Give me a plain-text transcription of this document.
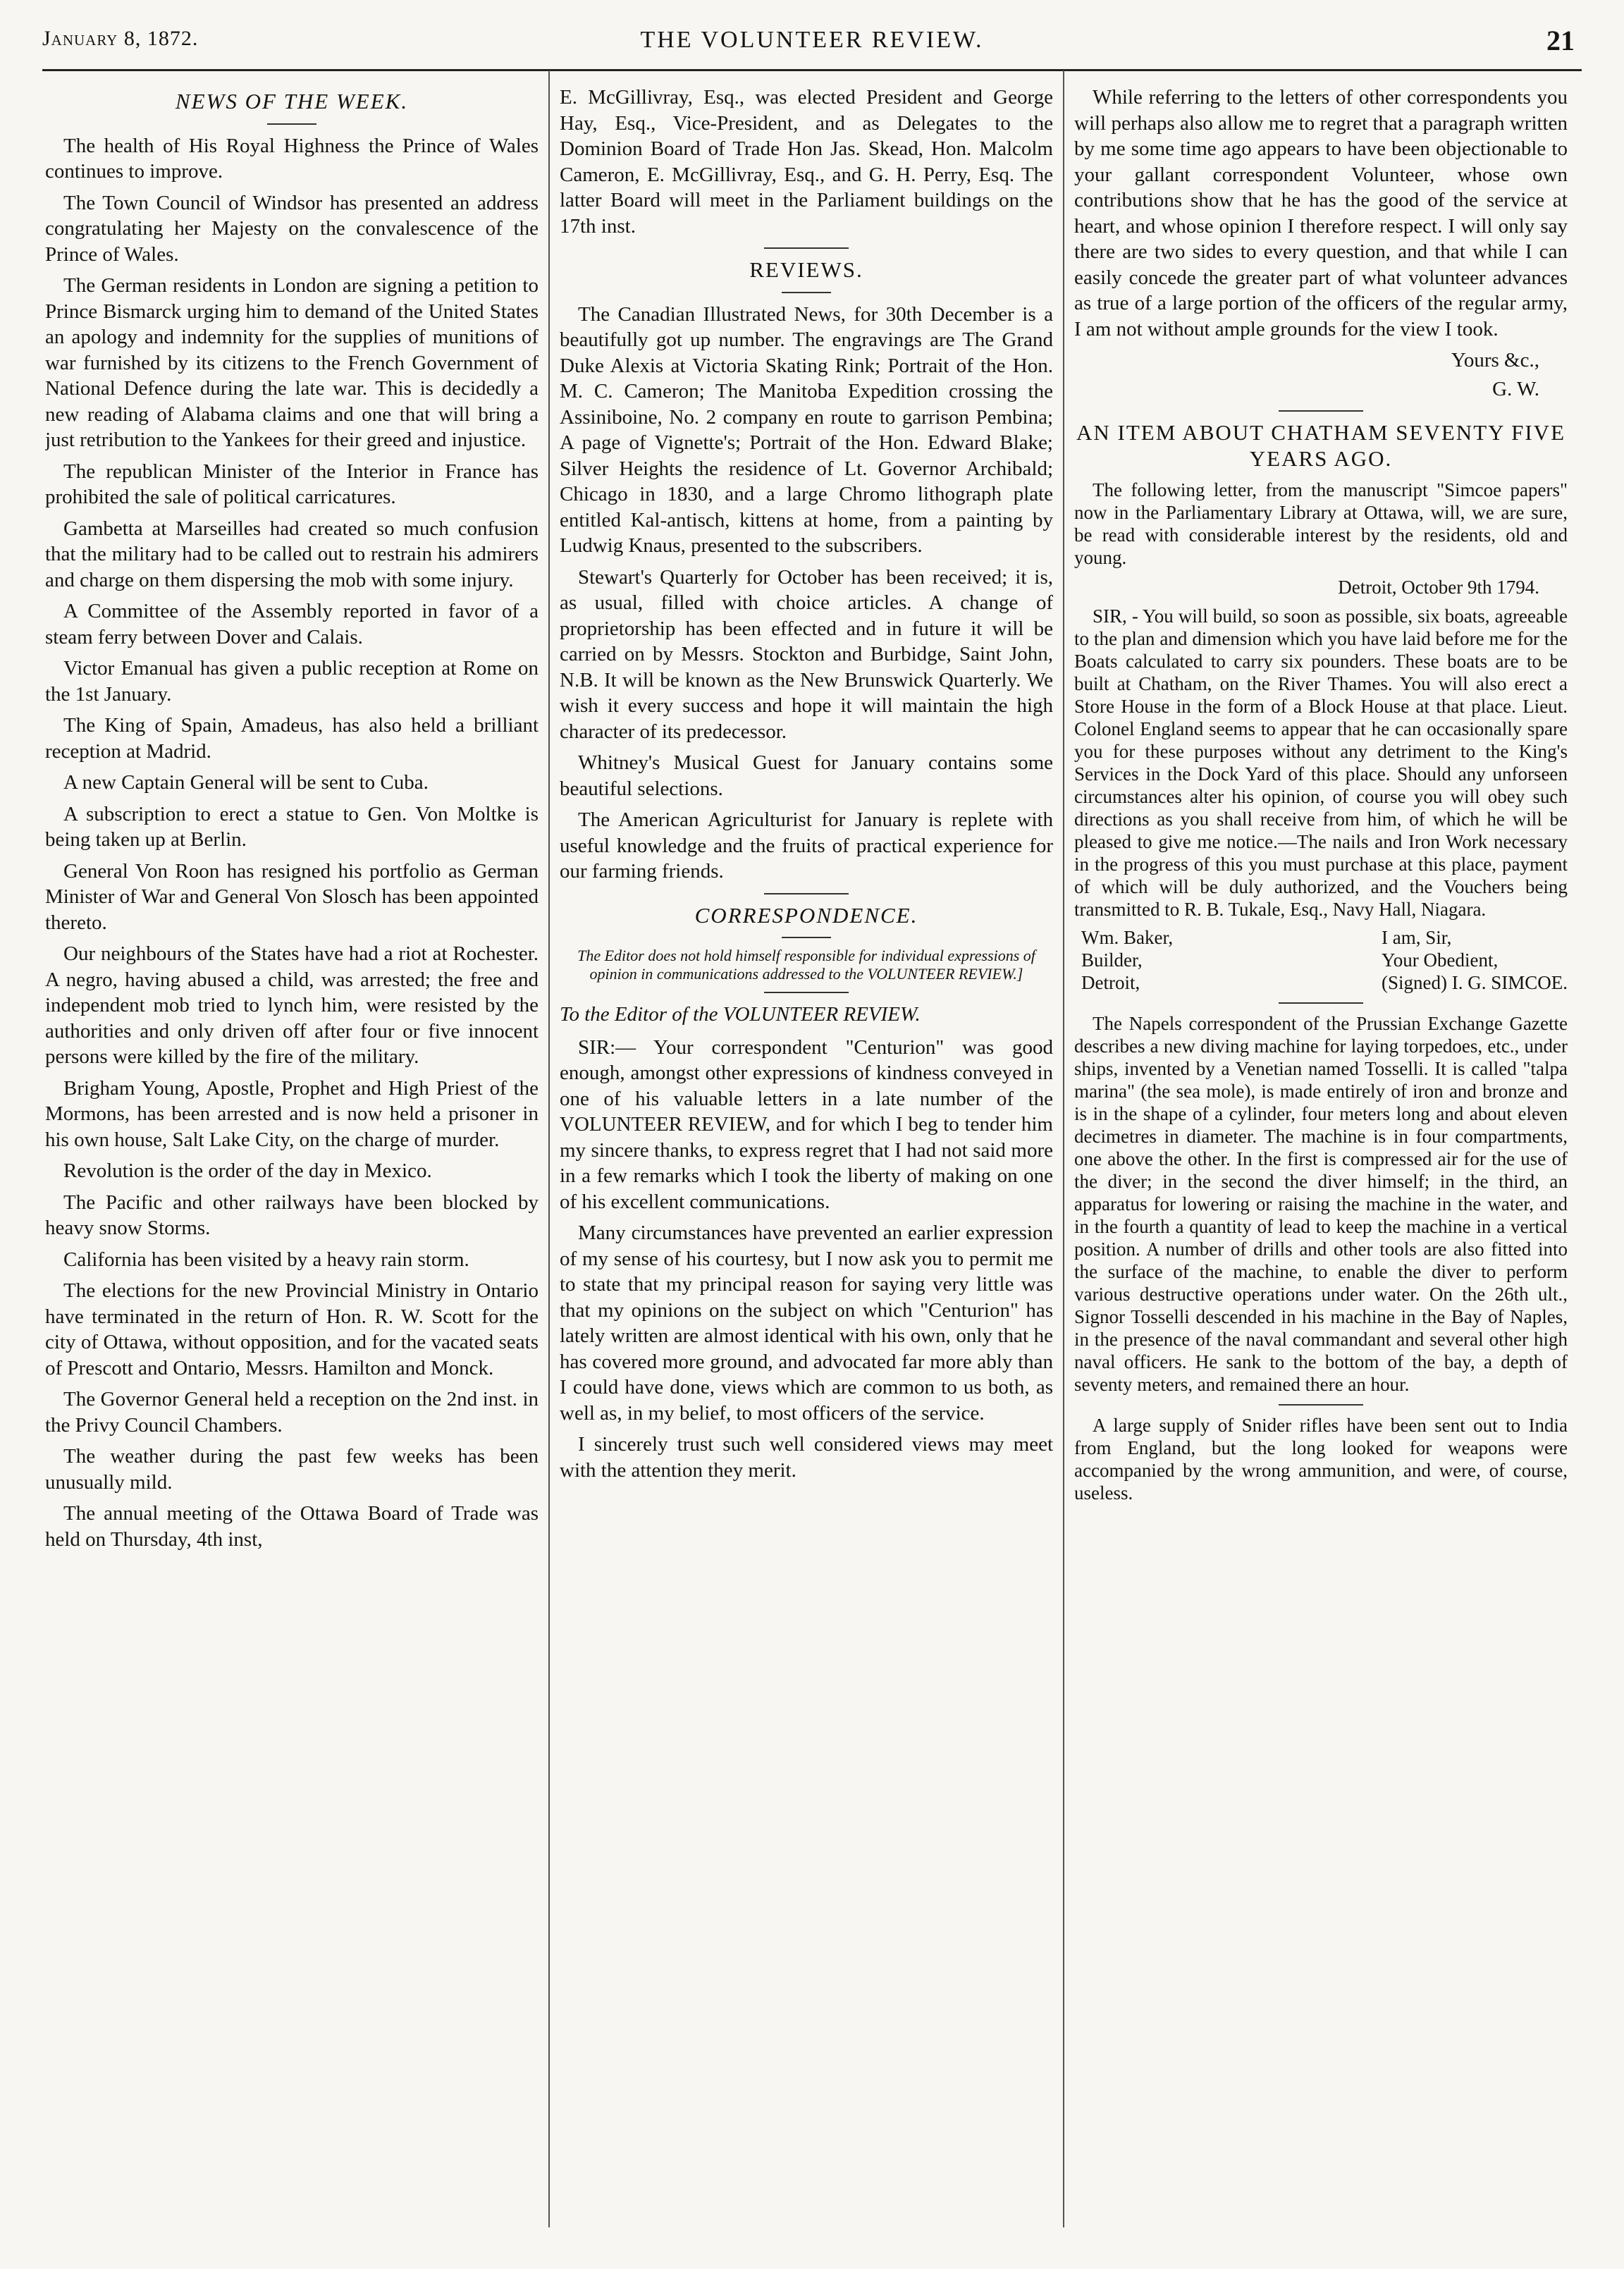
January 8, 1872.	THE VOLUNTEER REVIEW.	21
NEWS OF THE WEEK.

The health of His Royal Highness the Prince of Wales continues to improve.

The Town Council of Windsor has presented an address congratulating her Majesty on the convalescence of the Prince of Wales.

The German residents in London are signing a petition to Prince Bismarck urging him to demand of the United States an apology and indemnity for the supplies of munitions of war furnished by its citizens to the French Government of National Defence during the late war. This is decidedly a new reading of Alabama claims and one that will bring a just retribution to the Yankees for their greed and injustice.

The republican Minister of the Interior in France has prohibited the sale of political carricatures.

Gambetta at Marseilles had created so much confusion that the military had to be called out to restrain his admirers and charge on them dispersing the mob with some injury.

A Committee of the Assembly reported in favor of a steam ferry between Dover and Calais.

Victor Emanual has given a public reception at Rome on the 1st January.

The King of Spain, Amadeus, has also held a brilliant reception at Madrid.

A new Captain General will be sent to Cuba.

A subscription to erect a statue to Gen. Von Moltke is being taken up at Berlin.

General Von Roon has resigned his portfolio as German Minister of War and General Von Slosch has been appointed thereto.

Our neighbours of the States have had a riot at Rochester. A negro, having abused a child, was arrested; the free and independent mob tried to lynch him, were resisted by the authorities and only driven off after four or five innocent persons were killed by the fire of the military.

Brigham Young, Apostle, Prophet and High Priest of the Mormons, has been arrested and is now held a prisoner in his own house, Salt Lake City, on the charge of murder.

Revolution is the order of the day in Mexico.

The Pacific and other railways have been blocked by heavy snow Storms.

California has been visited by a heavy rain storm.

The elections for the new Provincial Ministry in Ontario have terminated in the return of Hon. R. W. Scott for the city of Ottawa, without opposition, and for the vacated seats of Prescott and Ontario, Messrs. Hamilton and Monck.

The Governor General held a reception on the 2nd inst. in the Privy Council Chambers.

The weather during the past few weeks has been unusually mild.

The annual meeting of the Ottawa Board of Trade was held on Thursday, 4th inst,

E. McGillivray, Esq., was elected President and George Hay, Esq., Vice-President, and as Delegates to the Dominion Board of Trade Hon Jas. Skead, Hon. Malcolm Cameron, E. McGillivray, Esq., and G. H. Perry, Esq. The latter Board will meet in the Parliament buildings on the 17th inst.

REVIEWS.

The Canadian Illustrated News, for 30th December is a beautifully got up number. The engravings are The Grand Duke Alexis at Victoria Skating Rink; Portrait of the Hon. M. C. Cameron; The Manitoba Expedition crossing the Assiniboine, No. 2 company en route to garrison Pembina; A page of Vignette's; Portrait of the Hon. Edward Blake; Silver Heights the residence of Lt. Governor Archibald; Chicago in 1830, and a large Chromo lithograph plate entitled Kal-antisch, kittens at home, from a painting by Ludwig Knaus, presented to the subscribers.

Stewart's Quarterly for October has been received; it is, as usual, filled with choice articles. A change of proprietorship has been effected and in future it will be carried on by Messrs. Stockton and Burbidge, Saint John, N.B. It will be known as the New Brunswick Quarterly. We wish it every success and hope it will maintain the high character of its predecessor.

Whitney's Musical Guest for January contains some beautiful selections.

The American Agriculturist for January is replete with useful knowledge and the fruits of practical experience for our farming friends.

CORRESPONDENCE.
The Editor does not hold himself responsible for individual expressions of opinion in communications addressed to the VOLUNTEER REVIEW.]
To the Editor of the VOLUNTEER REVIEW.

SIR:— Your correspondent "Centurion" was good enough, amongst other expressions of kindness conveyed in one of his valuable letters in a late number of the VOLUNTEER REVIEW, and for which I beg to tender him my sincere thanks, to express regret that I had not said more in a few remarks which I took the liberty of making on one of his excellent communications.

Many circumstances have prevented an earlier expression of my sense of his courtesy, but I now ask you to permit me to state that my principal reason for saying very little was that my opinions on the subject on which "Centurion" has lately written are almost identical with his own, only that he has covered more ground, and advocated far more ably than I could have done, views which are common to us both, as well as, in my belief, to most officers of the service.

I sincerely trust such well considered views may meet with the attention they merit.

While referring to the letters of other correspondents you will perhaps also allow me to regret that a paragraph written by me some time ago appears to have been objectionable to your gallant correspondent Volunteer, whose own contributions show that he has the good of the service at heart, and whose opinion I therefore respect. I will only say there are two sides to every question, and that while I can easily concede the greater part of what volunteer advances as true of a large portion of the officers of the regular army, I am not without ample grounds for the view I took.

Yours &c.,
G. W.
AN ITEM ABOUT CHATHAM SEVENTY FIVE YEARS AGO.

The following letter, from the manuscript "Simcoe papers" now in the Parliamentary Library at Ottawa, will, we are sure, be read with considerable interest by the residents, old and young.

Detroit, October 9th 1794.

SIR, - You will build, so soon as possible, six boats, agreeable to the plan and dimension which you have laid before me for the Boats calculated to carry six pounders. These boats are to be built at Chatham, on the River Thames. You will also erect a Store House in the form of a Block House at that place. Lieut. Colonel England seems to appear that he can occasionally spare you for these purposes without any detriment to the King's Services in the Dock Yard of this place. Should any unforseen circumstances alter his opinion, of course you will obey such directions as you shall receive from him, of which he will be pleased to give me notice.—The nails and Iron Work necessary in the progress of this you must purchase at this place, payment of which will be duly authorized, and the Vouchers being transmitted to R. B. Tukale, Esq., Navy Hall, Niagara.

Wm. Baker,
Builder,
Detroit,
I am, Sir,
Your Obedient,
(Signed) I. G. SIMCOE.

The Napels correspondent of the Prussian Exchange Gazette describes a new diving machine for laying torpedoes, etc., under ships, invented by a Venetian named Tosselli. It is called "talpa marina" (the sea mole), is made entirely of iron and bronze and is in the shape of a cylinder, four meters long and about eleven decimetres in diameter. The machine is in four compartments, one above the other. In the first is compressed air for the use of the diver; in the second the diver himself; in the third, an apparatus for lowering or raising the machine in the water, and in the fourth a quantity of lead to keep the machine in a vertical position. A number of drills and other tools are also fitted into the surface of the machine, to enable the diver to perform various destructive operations under water. On the 26th ult., Signor Tosselli descended in his machine in the Bay of Naples, in the presence of the naval commandant and several other high naval officers. He sank to the bottom of the bay, a depth of seventy meters, and remained there an hour.

A large supply of Snider rifles have been sent out to India from England, but the long looked for weapons were accompanied by the wrong ammunition, and were, of course, useless.
